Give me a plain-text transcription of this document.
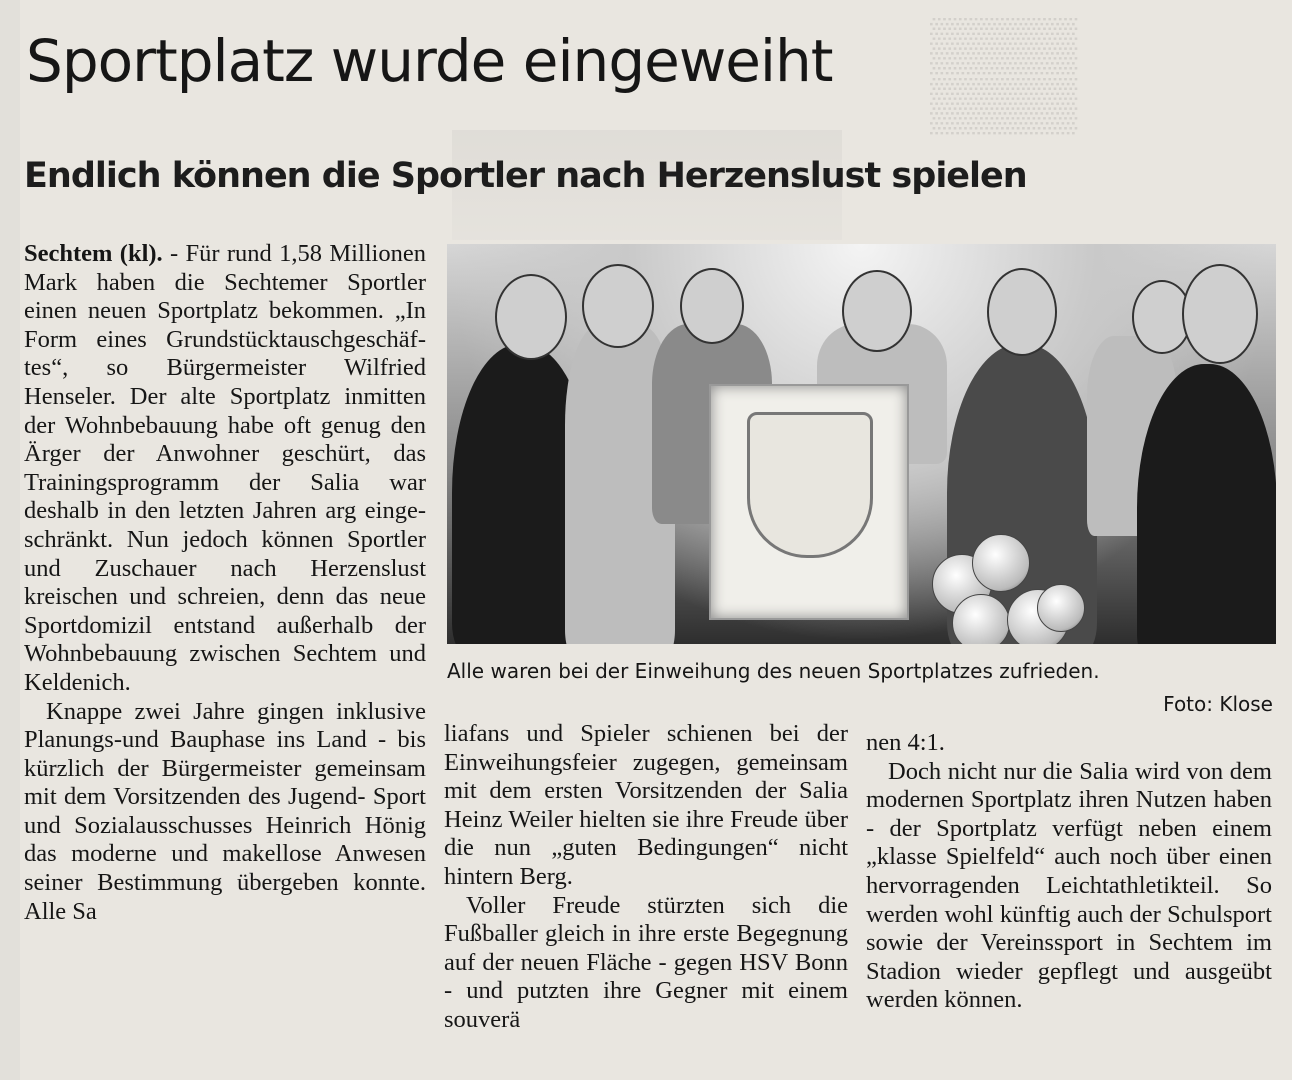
▒▒▒▒
▒▒▒▒
Sportplatz wurde eingeweiht
Endlich können die Sportler nach Herzenslust spielen

Sechtem (kl). - Für rund 1,58 Millionen Mark haben die Sechtemer Sportler einen neuen Sportplatz bekommen. „In Form eines Grundstücktauschgeschäftes“, so Bürgermeister Wilfried Henseler. Der alte Sportplatz inmitten der Wohnbebauung habe oft genug den Ärger der Anwohner geschürt, das Trainingsprogramm der Salia war deshalb in den letzten Jahren arg eingeschränkt. Nun jedoch können Sportler und Zuschauer nach Herzenslust kreischen und schreien, denn das neue Sportdomizil entstand außerhalb der Wohnbebauung zwischen Sechtem und Keldenich.

Knappe zwei Jahre gingen inklusive Planungs-und Bauphase ins Land - bis kürzlich der Bürgermeister gemeinsam mit dem Vorsitzenden des Jugend- Sport und Sozialausschusses Heinrich Hönig das moderne und makellose Anwesen seiner Bestimmung übergeben konnte. Alle Sa

Alle waren bei der Einweihung des neuen Sportplatzes zufrieden.

Foto: Klose

liafans und Spieler schienen bei der Einweihungsfeier zugegen, gemeinsam mit dem ersten Vorsitzenden der Salia Heinz Weiler hielten sie ihre Freude über die nun „guten Bedingungen“ nicht hintern Berg.

Voller Freude stürzten sich die Fußballer gleich in ihre erste Begegnung auf der neuen Fläche - gegen HSV Bonn - und putzten ihre Gegner mit einem souverä

nen 4:1.

Doch nicht nur die Salia wird von dem modernen Sportplatz ihren Nutzen haben - der Sportplatz verfügt neben einem „klasse Spielfeld“ auch noch über einen hervorragenden Leichtathletikteil. So werden wohl künftig auch der Schulsport sowie der Vereinssport in Sechtem im Stadion wieder gepflegt und ausgeübt werden können.
